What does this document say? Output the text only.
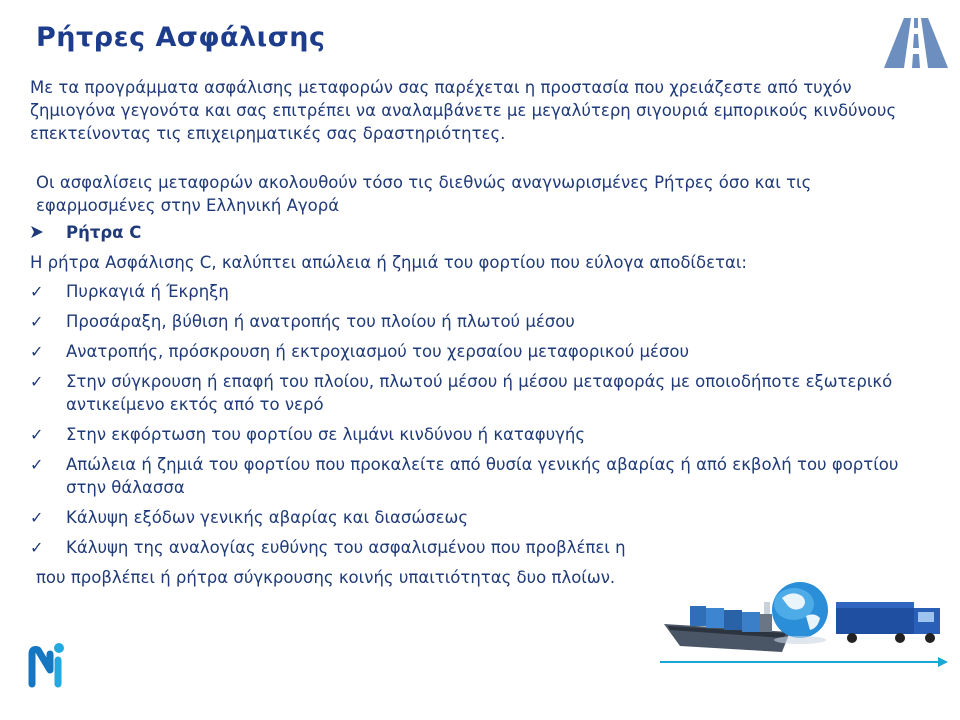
Ρήτρες Ασφάλισης

Με τα προγράμματα ασφάλισης μεταφορών σας παρέχεται η προστασία που χρειάζεστε από τυχόν ζημιογόνα γεγονότα και σας επιτρέπει να αναλαμβάνετε με μεγαλύτερη σιγουριά εμπορικούς κινδύνους επεκτείνοντας τις επιχειρηματικές σας δραστηριότητες.

Οι ασφαλίσεις μεταφορών ακολουθούν τόσο τις διεθνώς αναγνωρισμένες Ρήτρες όσο και τις εφαρμοσμένες στην Ελληνική Αγορά

Ρήτρα C
Η ρήτρα Ασφάλισης C, καλύπτει απώλεια ή ζημιά του φορτίου που εύλογα αποδίδεται:
✓	Πυρκαγιά ή Έκρηξη
✓	Προσάραξη, βύθιση ή ανατροπής του πλοίου ή πλωτού μέσου
✓	Ανατροπής, πρόσκρουση ή εκτροχιασμού του χερσαίου μεταφορικού μέσου
✓	Στην σύγκρουση ή επαφή του πλοίου, πλωτού μέσου ή μέσου μεταφοράς με οποιοδήποτε εξωτερικό αντικείμενο εκτός από το νερό
✓	Στην εκφόρτωση του φορτίου σε λιμάνι κινδύνου ή καταφυγής
✓	Απώλεια ή ζημιά του φορτίου που προκαλείτε από θυσία γενικής αβαρίας ή από εκβολή του φορτίου στην θάλασσα
✓	Κάλυψη εξόδων γενικής αβαρίας και διασώσεως
✓	Κάλυψη της αναλογίας ευθύνης του ασφαλισμένου που προβλέπει η
που προβλέπει ή ρήτρα σύγκρουσης κοινής υπαιτιότητας δυο πλοίων.
